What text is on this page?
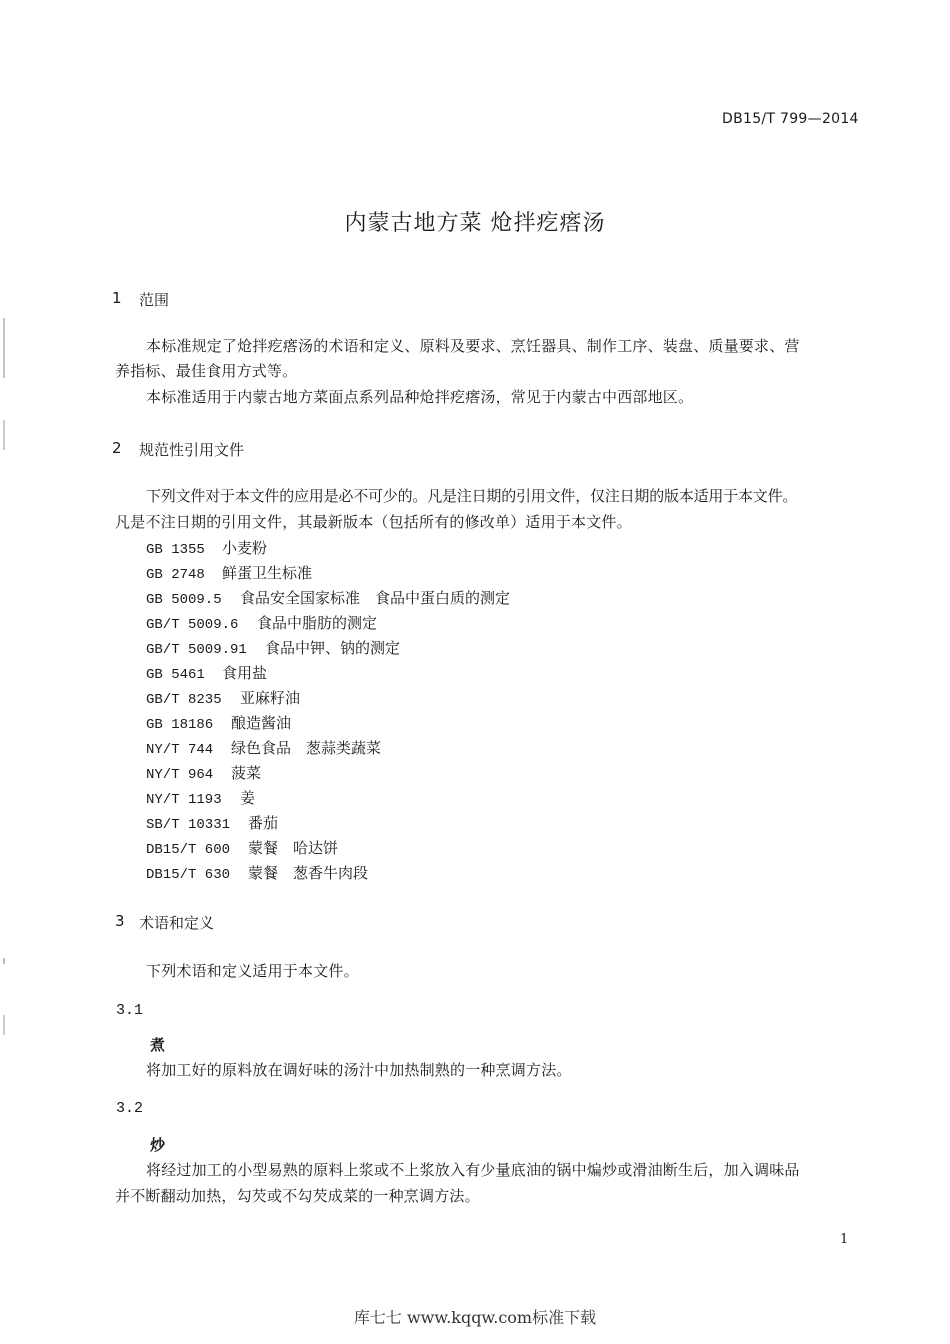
DB15/T 799—2014
内蒙古地方菜 炝拌疙瘩汤
1 范围
本标准规定了炝拌疙瘩汤的术语和定义、原料及要求、烹饪器具、制作工序、装盘、质量要求、营
养指标、最佳食用方式等。
本标准适用于内蒙古地方菜面点系列品种炝拌疙瘩汤，常见于内蒙古中西部地区。
2 规范性引用文件
下列文件对于本文件的应用是必不可少的。凡是注日期的引用文件，仅注日期的版本适用于本文件。
凡是不注日期的引用文件，其最新版本（包括所有的修改单）适用于本文件。
GB 1355 小麦粉
GB 2748 鲜蛋卫生标准
GB 5009.5 食品安全国家标准　食品中蛋白质的测定
GB/T 5009.6 食品中脂肪的测定
GB/T 5009.91 食品中钾、钠的测定
GB 5461 食用盐
GB/T 8235 亚麻籽油
GB 18186 酿造酱油
NY/T 744 绿色食品　葱蒜类蔬菜
NY/T 964 菠菜
NY/T 1193 姜
SB/T 10331 番茄
DB15/T 600 蒙餐　哈达饼
DB15/T 630 蒙餐　葱香牛肉段
3 术语和定义
下列术语和定义适用于本文件。
3.1
煮
将加工好的原料放在调好味的汤汁中加热制熟的一种烹调方法。
3.2
炒
将经过加工的小型易熟的原料上浆或不上浆放入有少量底油的锅中煸炒或滑油断生后，加入调味品
并不断翻动加热，勾芡或不勾芡成菜的一种烹调方法。
1
库七七 www.kqqw.com标准下载
